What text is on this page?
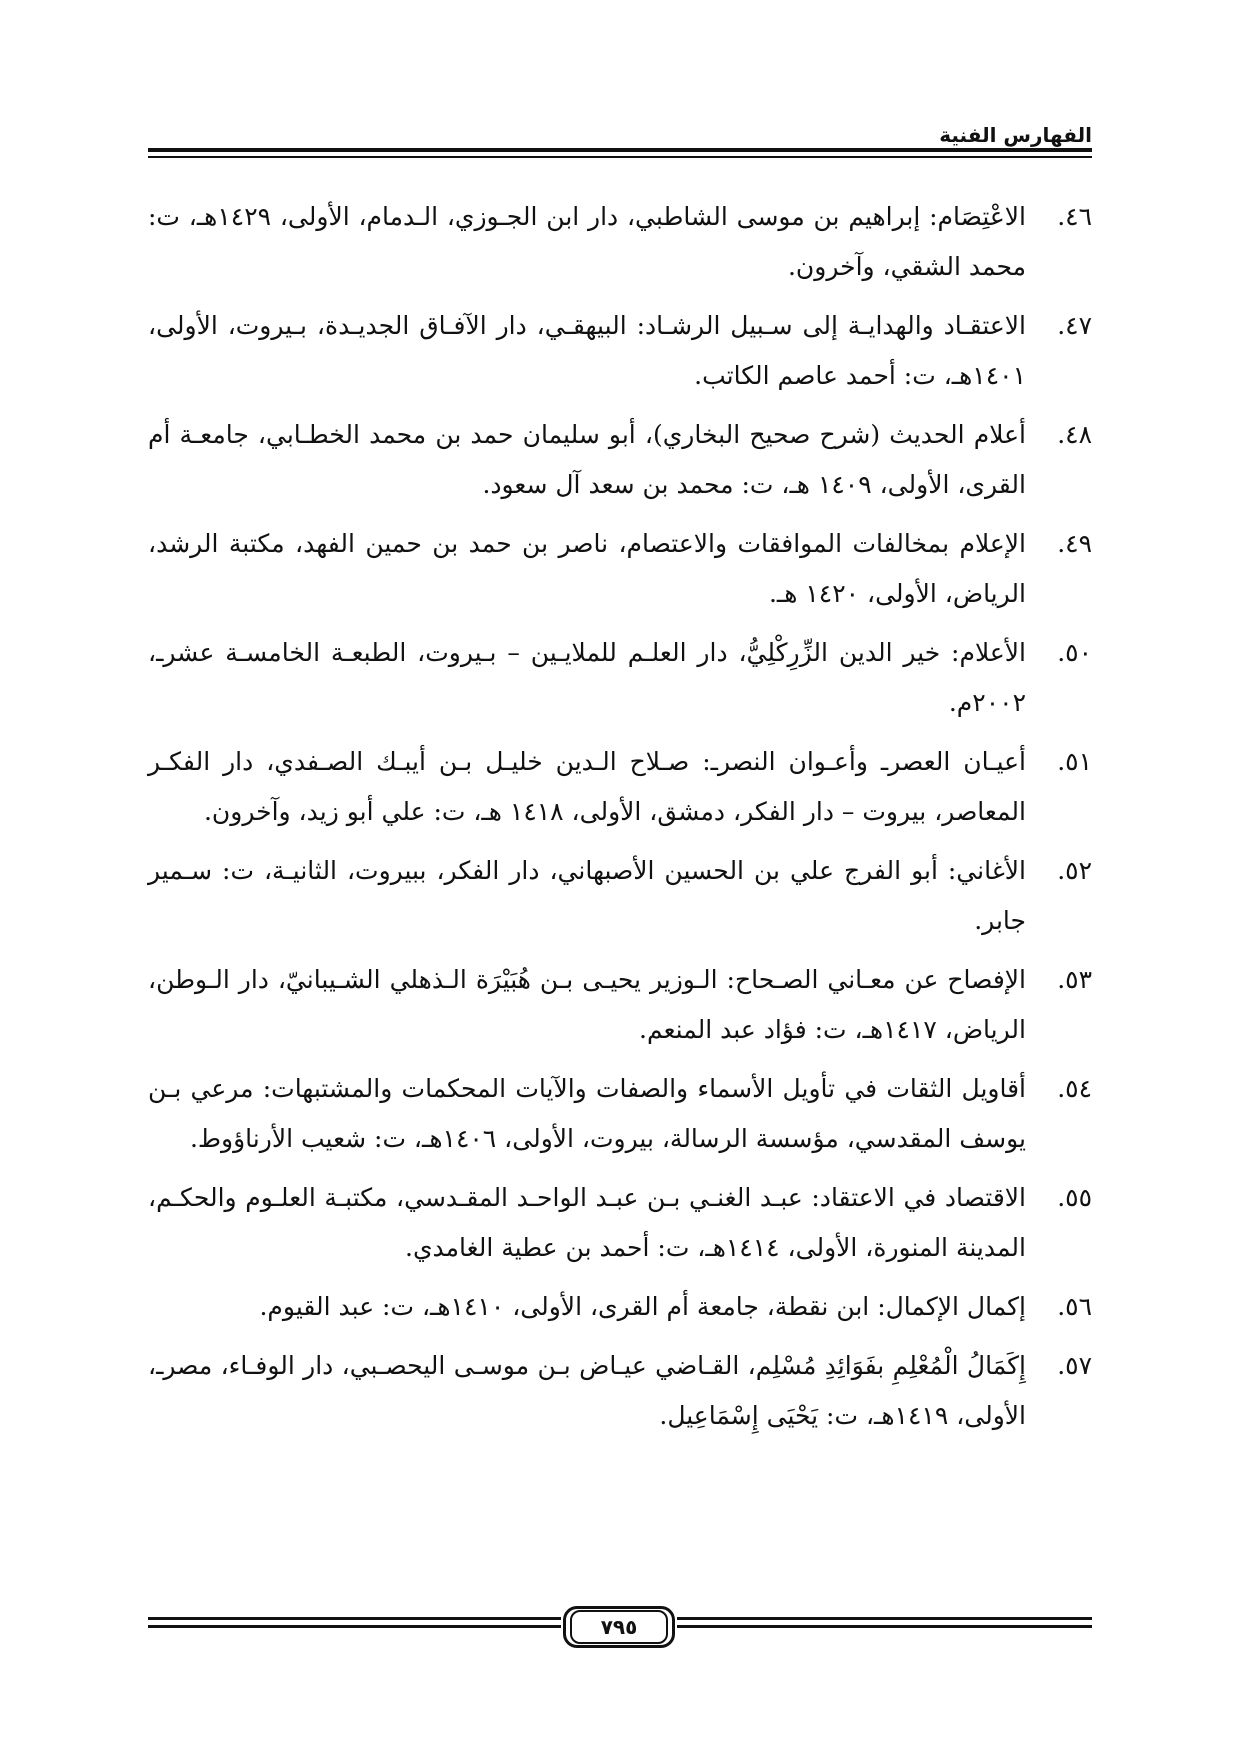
الفهارس الفنية
٤٦.
الاعْتِصَام: إبراهيم بن موسى الشاطبي، دار ابن الجـوزي، الـدمام، الأولى، ١٤٢٩هـ، ت: محمد الشقي، وآخرون.
٤٧.
الاعتقـاد والهدايـة إلى سـبيل الرشـاد: البيهقـي، دار الآفـاق الجديـدة، بـيروت، الأولى، ١٤٠١هـ، ت: أحمد عاصم الكاتب.
٤٨.
أعلام الحديث (شرح صحيح البخاري)، أبو سليمان حمد بن محمد الخطـابي، جامعـة أم القرى، الأولى، ١٤٠٩ هـ، ت: محمد بن سعد آل سعود.
٤٩.
الإعلام بمخالفات الموافقات والاعتصام، ناصر بن حمد بن حمين الفهد، مكتبة الرشد، الرياض، الأولى، ١٤٢٠ هـ.
٥٠.
الأعلام: خير الدين الزِّرِكْلِيُّ، دار العلـم للملايـين – بـيروت، الطبعـة الخامسـة عشرـ، ٢٠٠٢م.
٥١.
أعيـان العصرـ وأعـوان النصرـ: صـلاح الـدين خليـل بـن أيبـك الصـفدي، دار الفكـر المعاصر، بيروت – دار الفكر، دمشق، الأولى، ١٤١٨ هـ، ت: علي أبو زيد، وآخرون.
٥٢.
الأغاني: أبو الفرج علي بن الحسين الأصبهاني، دار الفكر، ببيروت، الثانيـة، ت: سـمير جابر.
٥٣.
الإفصاح عن معـاني الصـحاح: الـوزير يحيـى بـن هُبَيْرَة الـذهلي الشـيبانيّ، دار الـوطن، الرياض، ١٤١٧هـ، ت: فؤاد عبد المنعم.
٥٤.
أقاويل الثقات في تأويل الأسماء والصفات والآيات المحكمات والمشتبهات: مرعي بـن يوسف المقدسي، مؤسسة الرسالة، بيروت، الأولى، ١٤٠٦هـ، ت: شعيب الأرناؤوط.
٥٥.
الاقتصاد في الاعتقاد: عبـد الغنـي بـن عبـد الواحـد المقـدسي، مكتبـة العلـوم والحكـم، المدينة المنورة، الأولى، ١٤١٤هـ، ت: أحمد بن عطية الغامدي.
٥٦.
إكمال الإكمال: ابن نقطة، جامعة أم القرى، الأولى، ١٤١٠هـ، ت: عبد القيوم.
٥٧.
إِكَمَالُ الْمُعْلِمِ بفَوَائِدِ مُسْلِم، القـاضي عيـاض بـن موسـى اليحصـبي، دار الوفـاء، مصرـ، الأولى، ١٤١٩هـ، ت: يَحْيَى إِسْمَاعِيل.
٧٩٥
